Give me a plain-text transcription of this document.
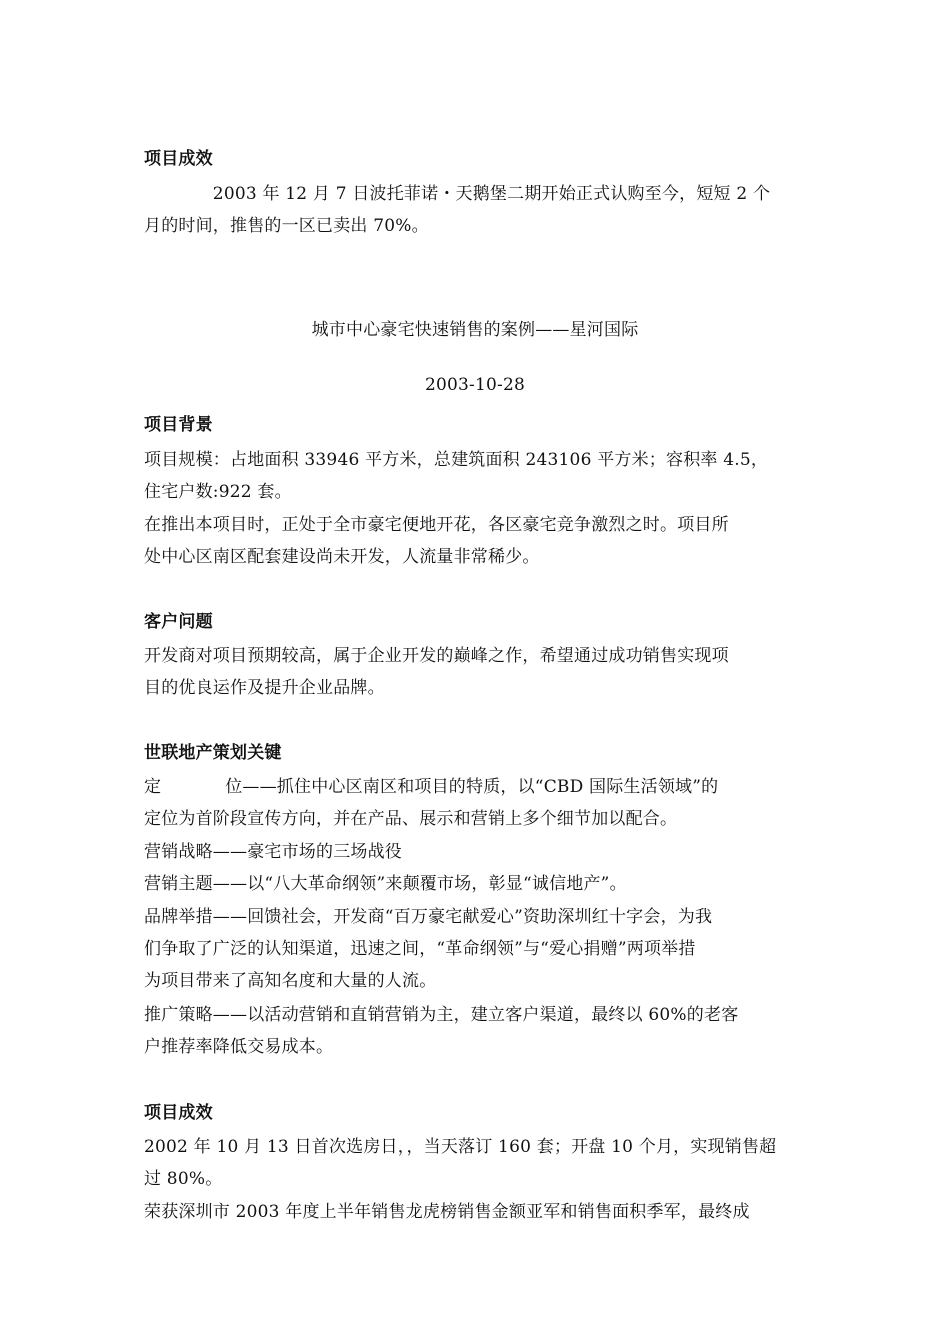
项目成效
　　　　2003 年 12 月 7 日波托菲诺・天鹅堡二期开始正式认购至今，短短 2 个
月的时间，推售的一区已卖出 70%。
城市中心豪宅快速销售的案例——星河国际
2003-10-28
项目背景
项目规模：占地面积 33946 平方米，总建筑面积 243106 平方米；容积率 4.5，
住宅户数:922 套。
在推出本项目时，正处于全市豪宅便地开花，各区豪宅竞争激烈之时。项目所
处中心区南区配套建设尚未开发，人流量非常稀少。
客户问题
开发商对项目预期较高，属于企业开发的巅峰之作，希望通过成功销售实现项
目的优良运作及提升企业品牌。
世联地产策划关键
定	位——抓住中心区南区和项目的特质，以“CBD 国际生活领域”的
定位为首阶段宣传方向，并在产品、展示和营销上多个细节加以配合。
营销战略——豪宅市场的三场战役
营销主题——以“八大革命纲领”来颠覆市场，彰显“诚信地产”。
品牌举措——回馈社会，开发商“百万豪宅献爱心”资助深圳红十字会，为我
们争取了广泛的认知渠道，迅速之间，“革命纲领”与“爱心捐赠”两项举措
为项目带来了高知名度和大量的人流。
推广策略——以活动营销和直销营销为主，建立客户渠道，最终以 60%的老客
户推荐率降低交易成本。
项目成效
2002 年 10 月 13 日首次选房日，，当天落订 160 套；开盘 10 个月，实现销售超
过 80%。
荣获深圳市 2003 年度上半年销售龙虎榜销售金额亚军和销售面积季军，最终成
